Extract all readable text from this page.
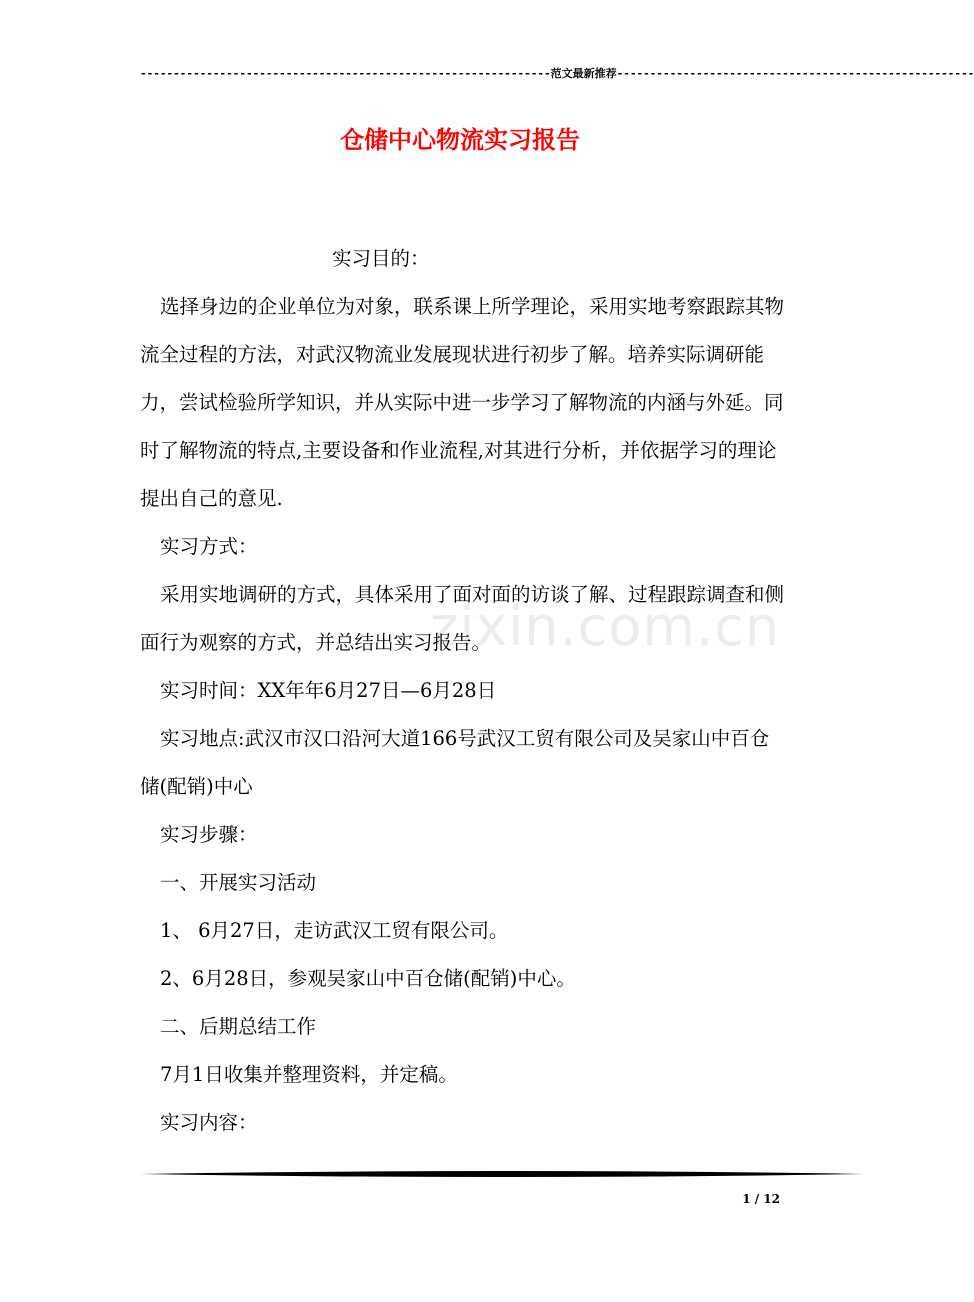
--------------------------------------------------------------范文最新推荐------------------------------------------------------
仓储中心物流实习报告
zixin.com.cn

实习目的：

选择身边的企业单位为对象，联系课上所学理论，采用实地考察跟踪其物流全过程的方法，对武汉物流业发展现状进行初步了解。培养实际调研能力，尝试检验所学知识，并从实际中进一步学习了解物流的内涵与外延。同时了解物流的特点,主要设备和作业流程,对其进行分析，并依据学习的理论提出自己的意见.

实习方式：

采用实地调研的方式，具体采用了面对面的访谈了解、过程跟踪调查和侧面行为观察的方式，并总结出实习报告。

实习时间：XX年年6月27日—6月28日

实习地点:武汉市汉口沿河大道166号武汉工贸有限公司及吴家山中百仓储(配销)中心

实习步骤：

一、开展实习活动

1、 6月27日，走访武汉工贸有限公司。

2、6月28日，参观吴家山中百仓储(配销)中心。

二、后期总结工作

7月1日收集并整理资料，并定稿。

实习内容：

1 / 12
